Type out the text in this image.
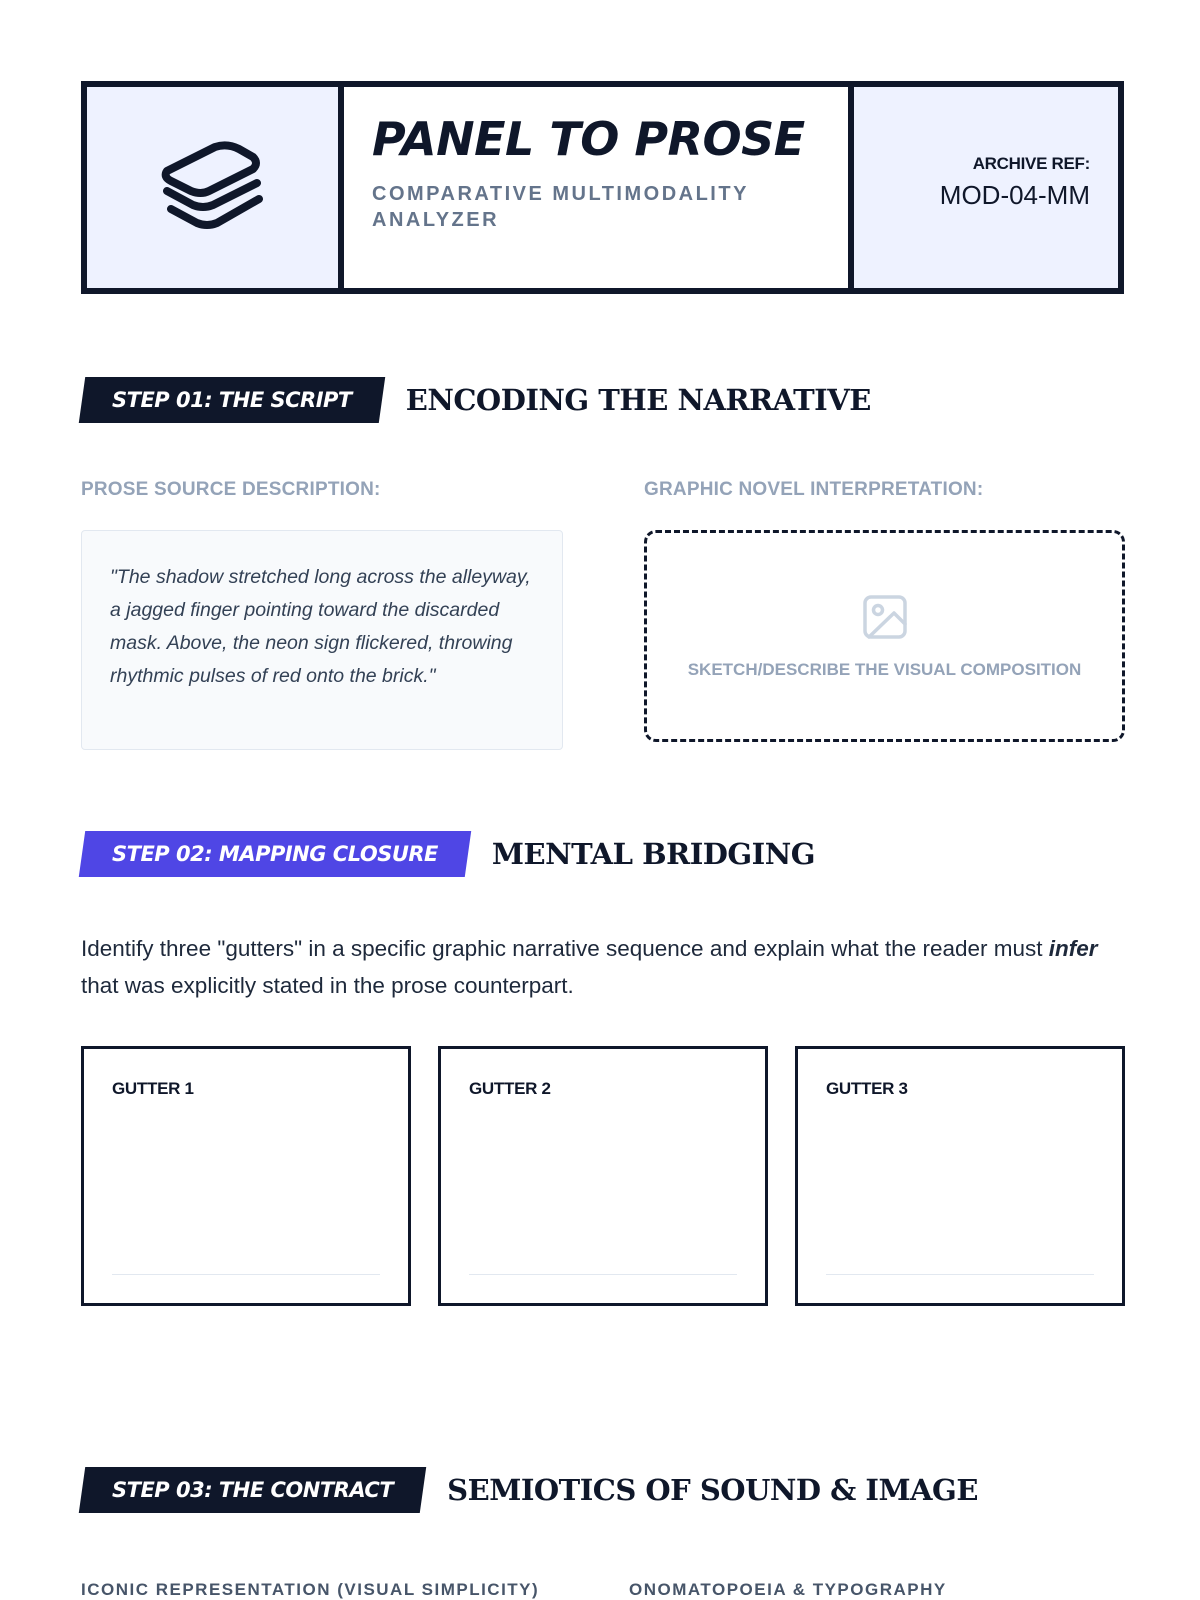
PANEL TO PROSE
COMPARATIVE MULTIMODALITY ANALYZER
ARCHIVE REF:
MOD-04-MM
STEP 01: THE SCRIPT ENCODING THE NARRATIVE
PROSE SOURCE DESCRIPTION:	GRAPHIC NOVEL INTERPRETATION:

"The shadow stretched long across the alleyway, a jagged finger pointing toward the discarded mask. Above, the neon sign flickered, throwing rhythmic pulses of red onto the brick."	SKETCH/DESCRIBE THE VISUAL COMPOSITION
STEP 02: MAPPING CLOSURE MENTAL BRIDGING
Identify three "gutters" in a specific graphic narrative sequence and explain what the reader must infer that was explicitly stated in the prose counterpart.
GUTTER 1	GUTTER 2	GUTTER 3
STEP 03: THE CONTRACT SEMIOTICS OF SOUND & IMAGE
ICONIC REPRESENTATION (VISUAL SIMPLICITY)	ONOMATOPOEIA & TYPOGRAPHY
